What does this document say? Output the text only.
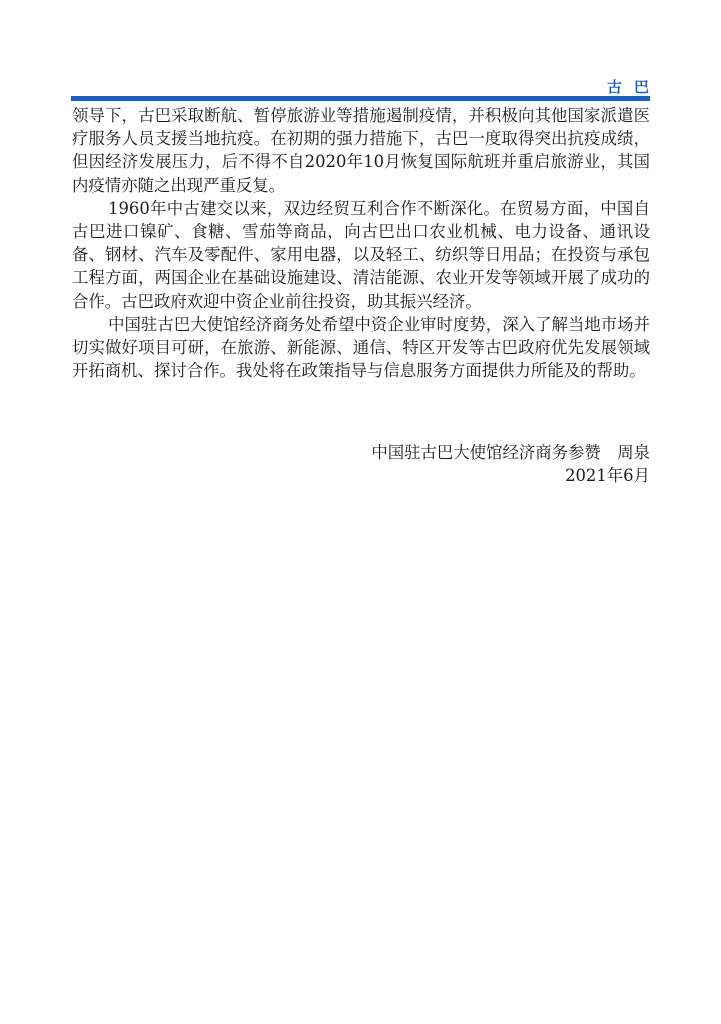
古巴

领导下，古巴采取断航、暂停旅游业等措施遏制疫情，并积极向其他国家派遣医疗服务人员支援当地抗疫。在初期的强力措施下，古巴一度取得突出抗疫成绩，但因经济发展压力，后不得不自2020年10月恢复国际航班并重启旅游业，其国内疫情亦随之出现严重反复。

1960年中古建交以来，双边经贸互利合作不断深化。在贸易方面，中国自古巴进口镍矿、食糖、雪茄等商品，向古巴出口农业机械、电力设备、通讯设备、钢材、汽车及零配件、家用电器，以及轻工、纺织等日用品；在投资与承包工程方面，两国企业在基础设施建设、清洁能源、农业开发等领域开展了成功的合作。古巴政府欢迎中资企业前往投资，助其振兴经济。

中国驻古巴大使馆经济商务处希望中资企业审时度势，深入了解当地市场并切实做好项目可研，在旅游、新能源、通信、特区开发等古巴政府优先发展领域开拓商机、探讨合作。我处将在政策指导与信息服务方面提供力所能及的帮助。

中国驻古巴大使馆经济商务参赞　周泉
2021年6月
